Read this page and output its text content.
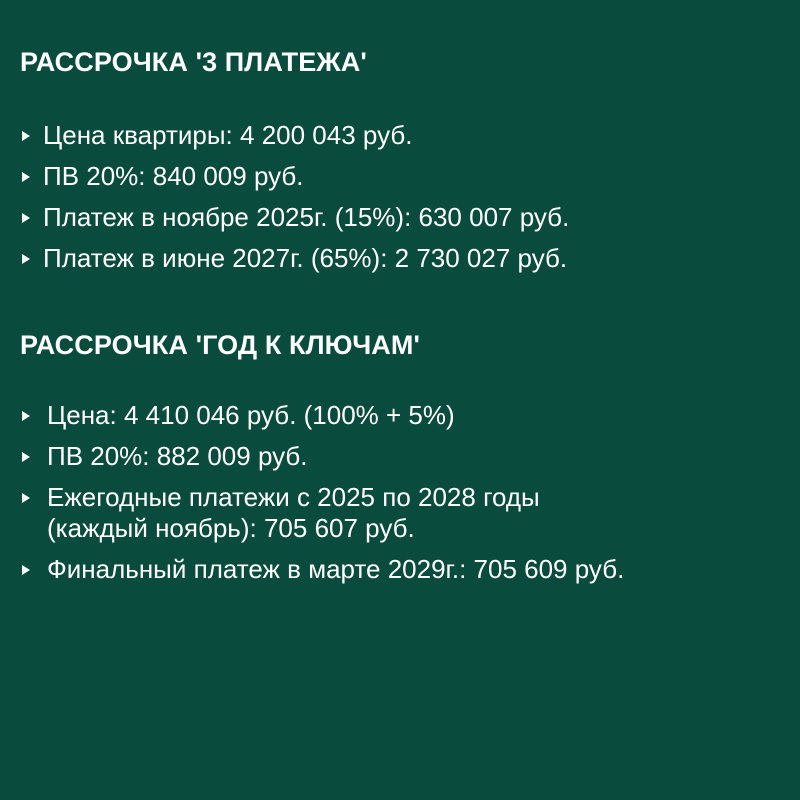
РАССРОЧКА '3 ПЛАТЕЖА'
Цена квартиры: 4 200 043 руб.
ПВ 20%: 840 009 руб.
Платеж в ноябре 2025г. (15%): 630 007 руб.
Платеж в июне 2027г. (65%): 2 730 027 руб.
РАССРОЧКА 'ГОД К КЛЮЧАМ'
Цена: 4 410 046 руб. (100% + 5%)
ПВ 20%: 882 009 руб.
Ежегодные платежи с 2025 по 2028 годы
(каждый ноябрь): 705 607 руб.
Финальный платеж в марте 2029г.: 705 609 руб.
